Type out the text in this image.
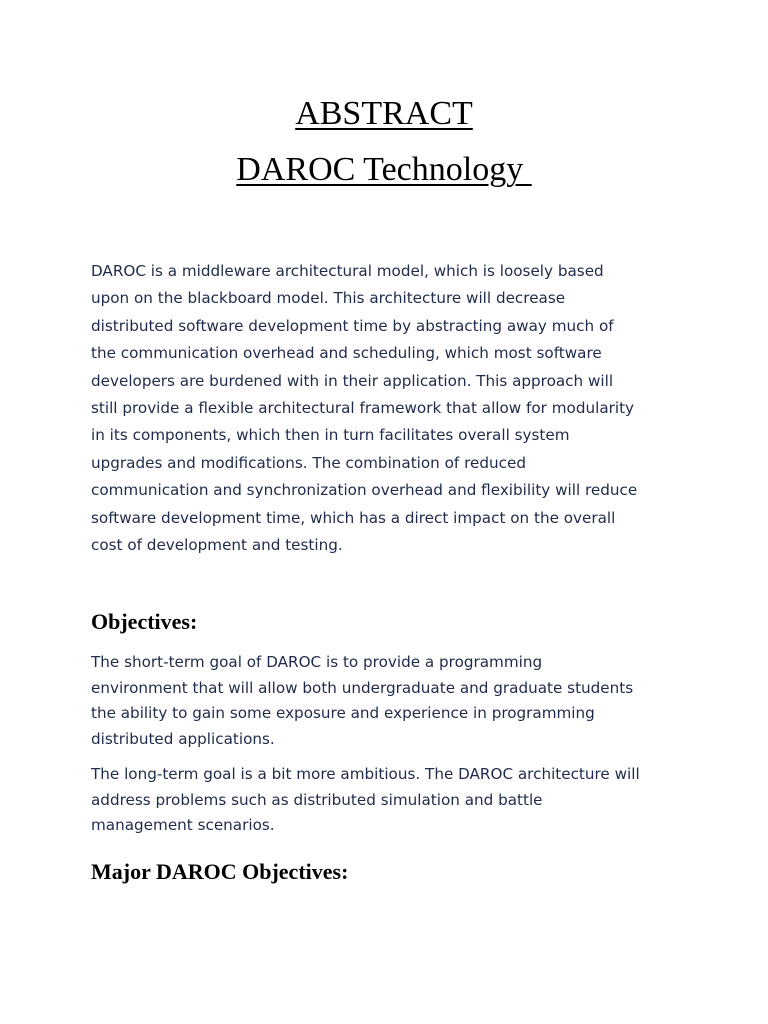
ABSTRACT
DAROC Technology

DAROC is a middleware architectural model, which is loosely based
upon on the blackboard model. This architecture will decrease
distributed software development time by abstracting away much of
the communication overhead and scheduling, which most software
developers are burdened with in their application. This approach will
still provide a flexible architectural framework that allow for modularity
in its components, which then in turn facilitates overall system
upgrades and modifications. The combination of reduced
communication and synchronization overhead and flexibility will reduce
software development time, which has a direct impact on the overall
cost of development and testing.

Objectives:

The short-term goal of DAROC is to provide a programming
environment that will allow both undergraduate and graduate students
the ability to gain some exposure and experience in programming
distributed applications.

The long-term goal is a bit more ambitious. The DAROC architecture will
address problems such as distributed simulation and battle
management scenarios.

Major DAROC Objectives:
